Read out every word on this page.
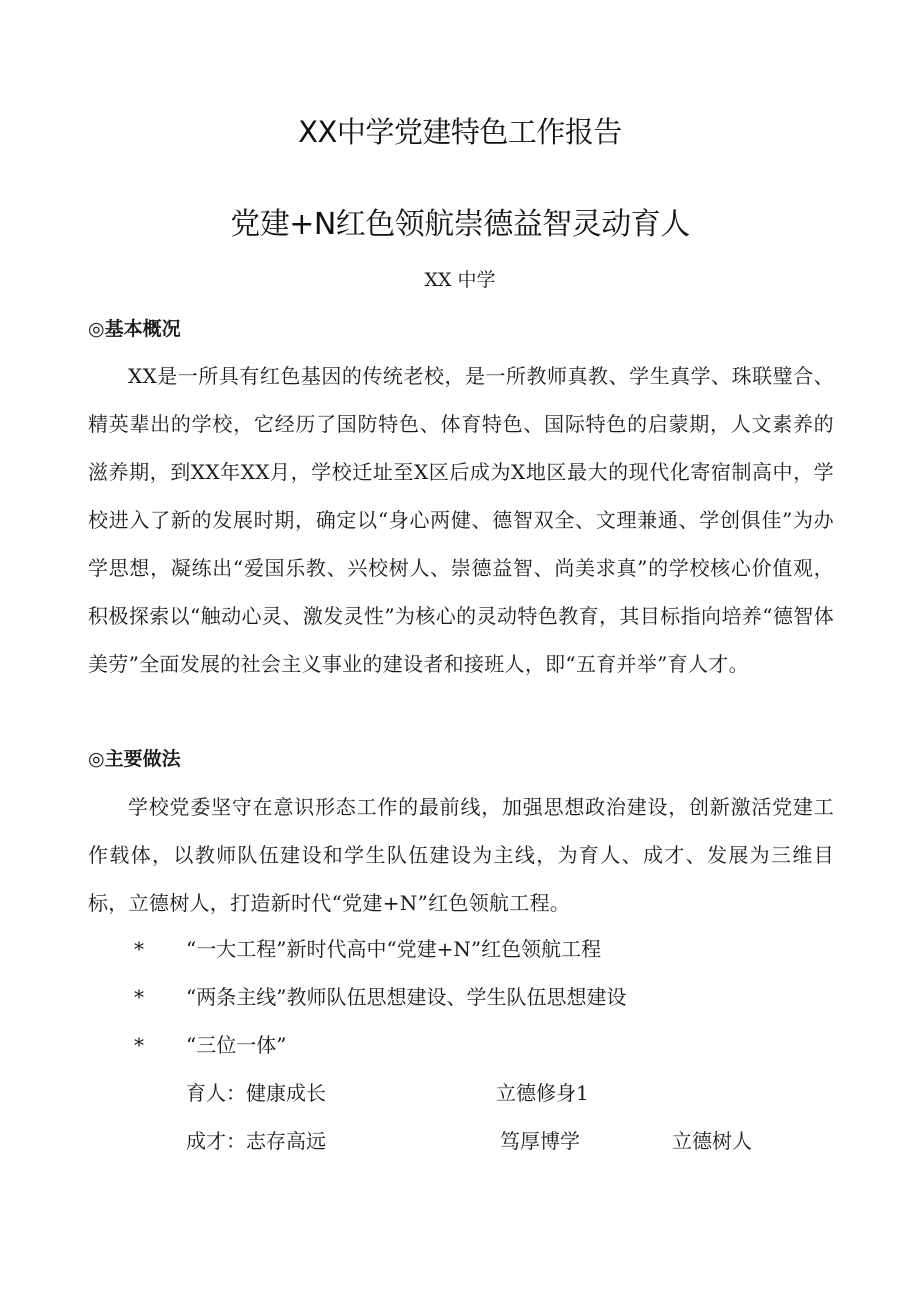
XX中学党建特色工作报告
党建+N红色领航崇德益智灵动育人
XX 中学
◎基本概况

XX是一所具有红色基因的传统老校，是一所教师真教、学生真学、珠联璧合、精英辈出的学校，它经历了国防特色、体育特色、国际特色的启蒙期，人文素养的滋养期，到XX年XX月，学校迁址至X区后成为X地区最大的现代化寄宿制高中，学校进入了新的发展时期，确定以“身心两健、德智双全、文理兼通、学创俱佳”为办学思想，凝练出“爱国乐教、兴校树人、崇德益智、尚美求真”的学校核心价值观，积极探索以“触动心灵、激发灵性”为核心的灵动特色教育，其目标指向培养“德智体美劳”全面发展的社会主义事业的建设者和接班人，即“五育并举”育人才。

◎主要做法

学校党委坚守在意识形态工作的最前线，加强思想政治建设，创新激活党建工作载体，以教师队伍建设和学生队伍建设为主线，为育人、成才、发展为三维目标，立德树人，打造新时代“党建+N”红色领航工程。

* “一大工程”新时代高中“党建+N”红色领航工程
* “两条主线”教师队伍思想建设、学生队伍思想建设
* “三位一体”
育人：健康成长	立德修身1
成才：志存高远	笃厚博学	立德树人
